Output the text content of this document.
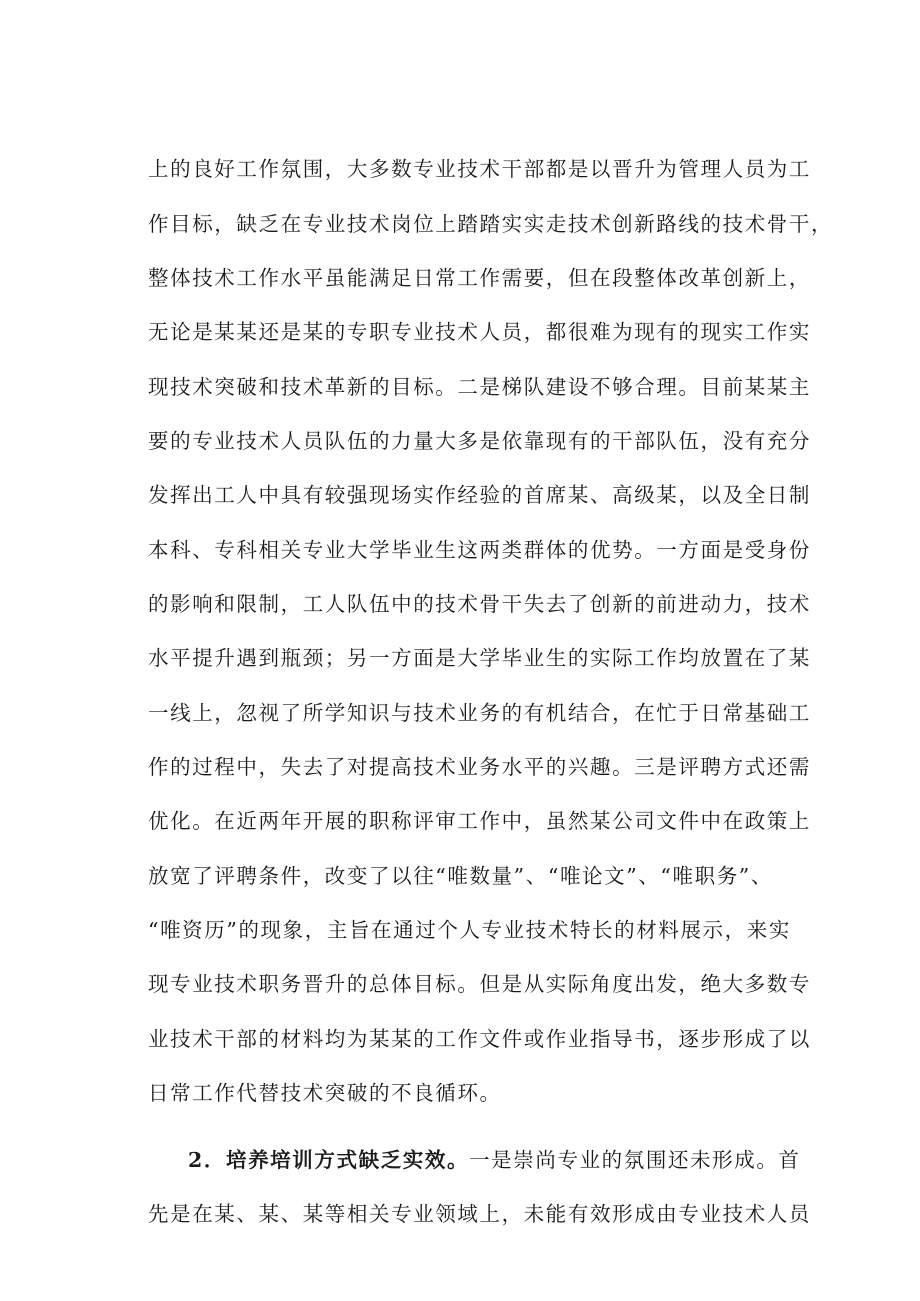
上的良好工作氛围，大多数专业技术干部都是以晋升为管理人员为工
作目标，缺乏在专业技术岗位上踏踏实实走技术创新路线的技术骨干，
整体技术工作水平虽能满足日常工作需要，但在段整体改革创新上，
无论是某某还是某的专职专业技术人员，都很难为现有的现实工作实
现技术突破和技术革新的目标。二是梯队建设不够合理。目前某某主
要的专业技术人员队伍的力量大多是依靠现有的干部队伍，没有充分
发挥出工人中具有较强现场实作经验的首席某、高级某，以及全日制
本科、专科相关专业大学毕业生这两类群体的优势。一方面是受身份
的影响和限制，工人队伍中的技术骨干失去了创新的前进动力，技术
水平提升遇到瓶颈；另一方面是大学毕业生的实际工作均放置在了某
一线上，忽视了所学知识与技术业务的有机结合，在忙于日常基础工
作的过程中，失去了对提高技术业务水平的兴趣。三是评聘方式还需
优化。在近两年开展的职称评审工作中，虽然某公司文件中在政策上
放宽了评聘条件，改变了以往“唯数量”、“唯论文”、“唯职务”、
“唯资历”的现象，主旨在通过个人专业技术特长的材料展示，来实
现专业技术职务晋升的总体目标。但是从实际角度出发，绝大多数专
业技术干部的材料均为某某的工作文件或作业指导书，逐步形成了以
日常工作代替技术突破的不良循环。
2．培养培训方式缺乏实效。一是崇尚专业的氛围还未形成。首
先是在某、某、某等相关专业领域上，未能有效形成由专业技术人员
